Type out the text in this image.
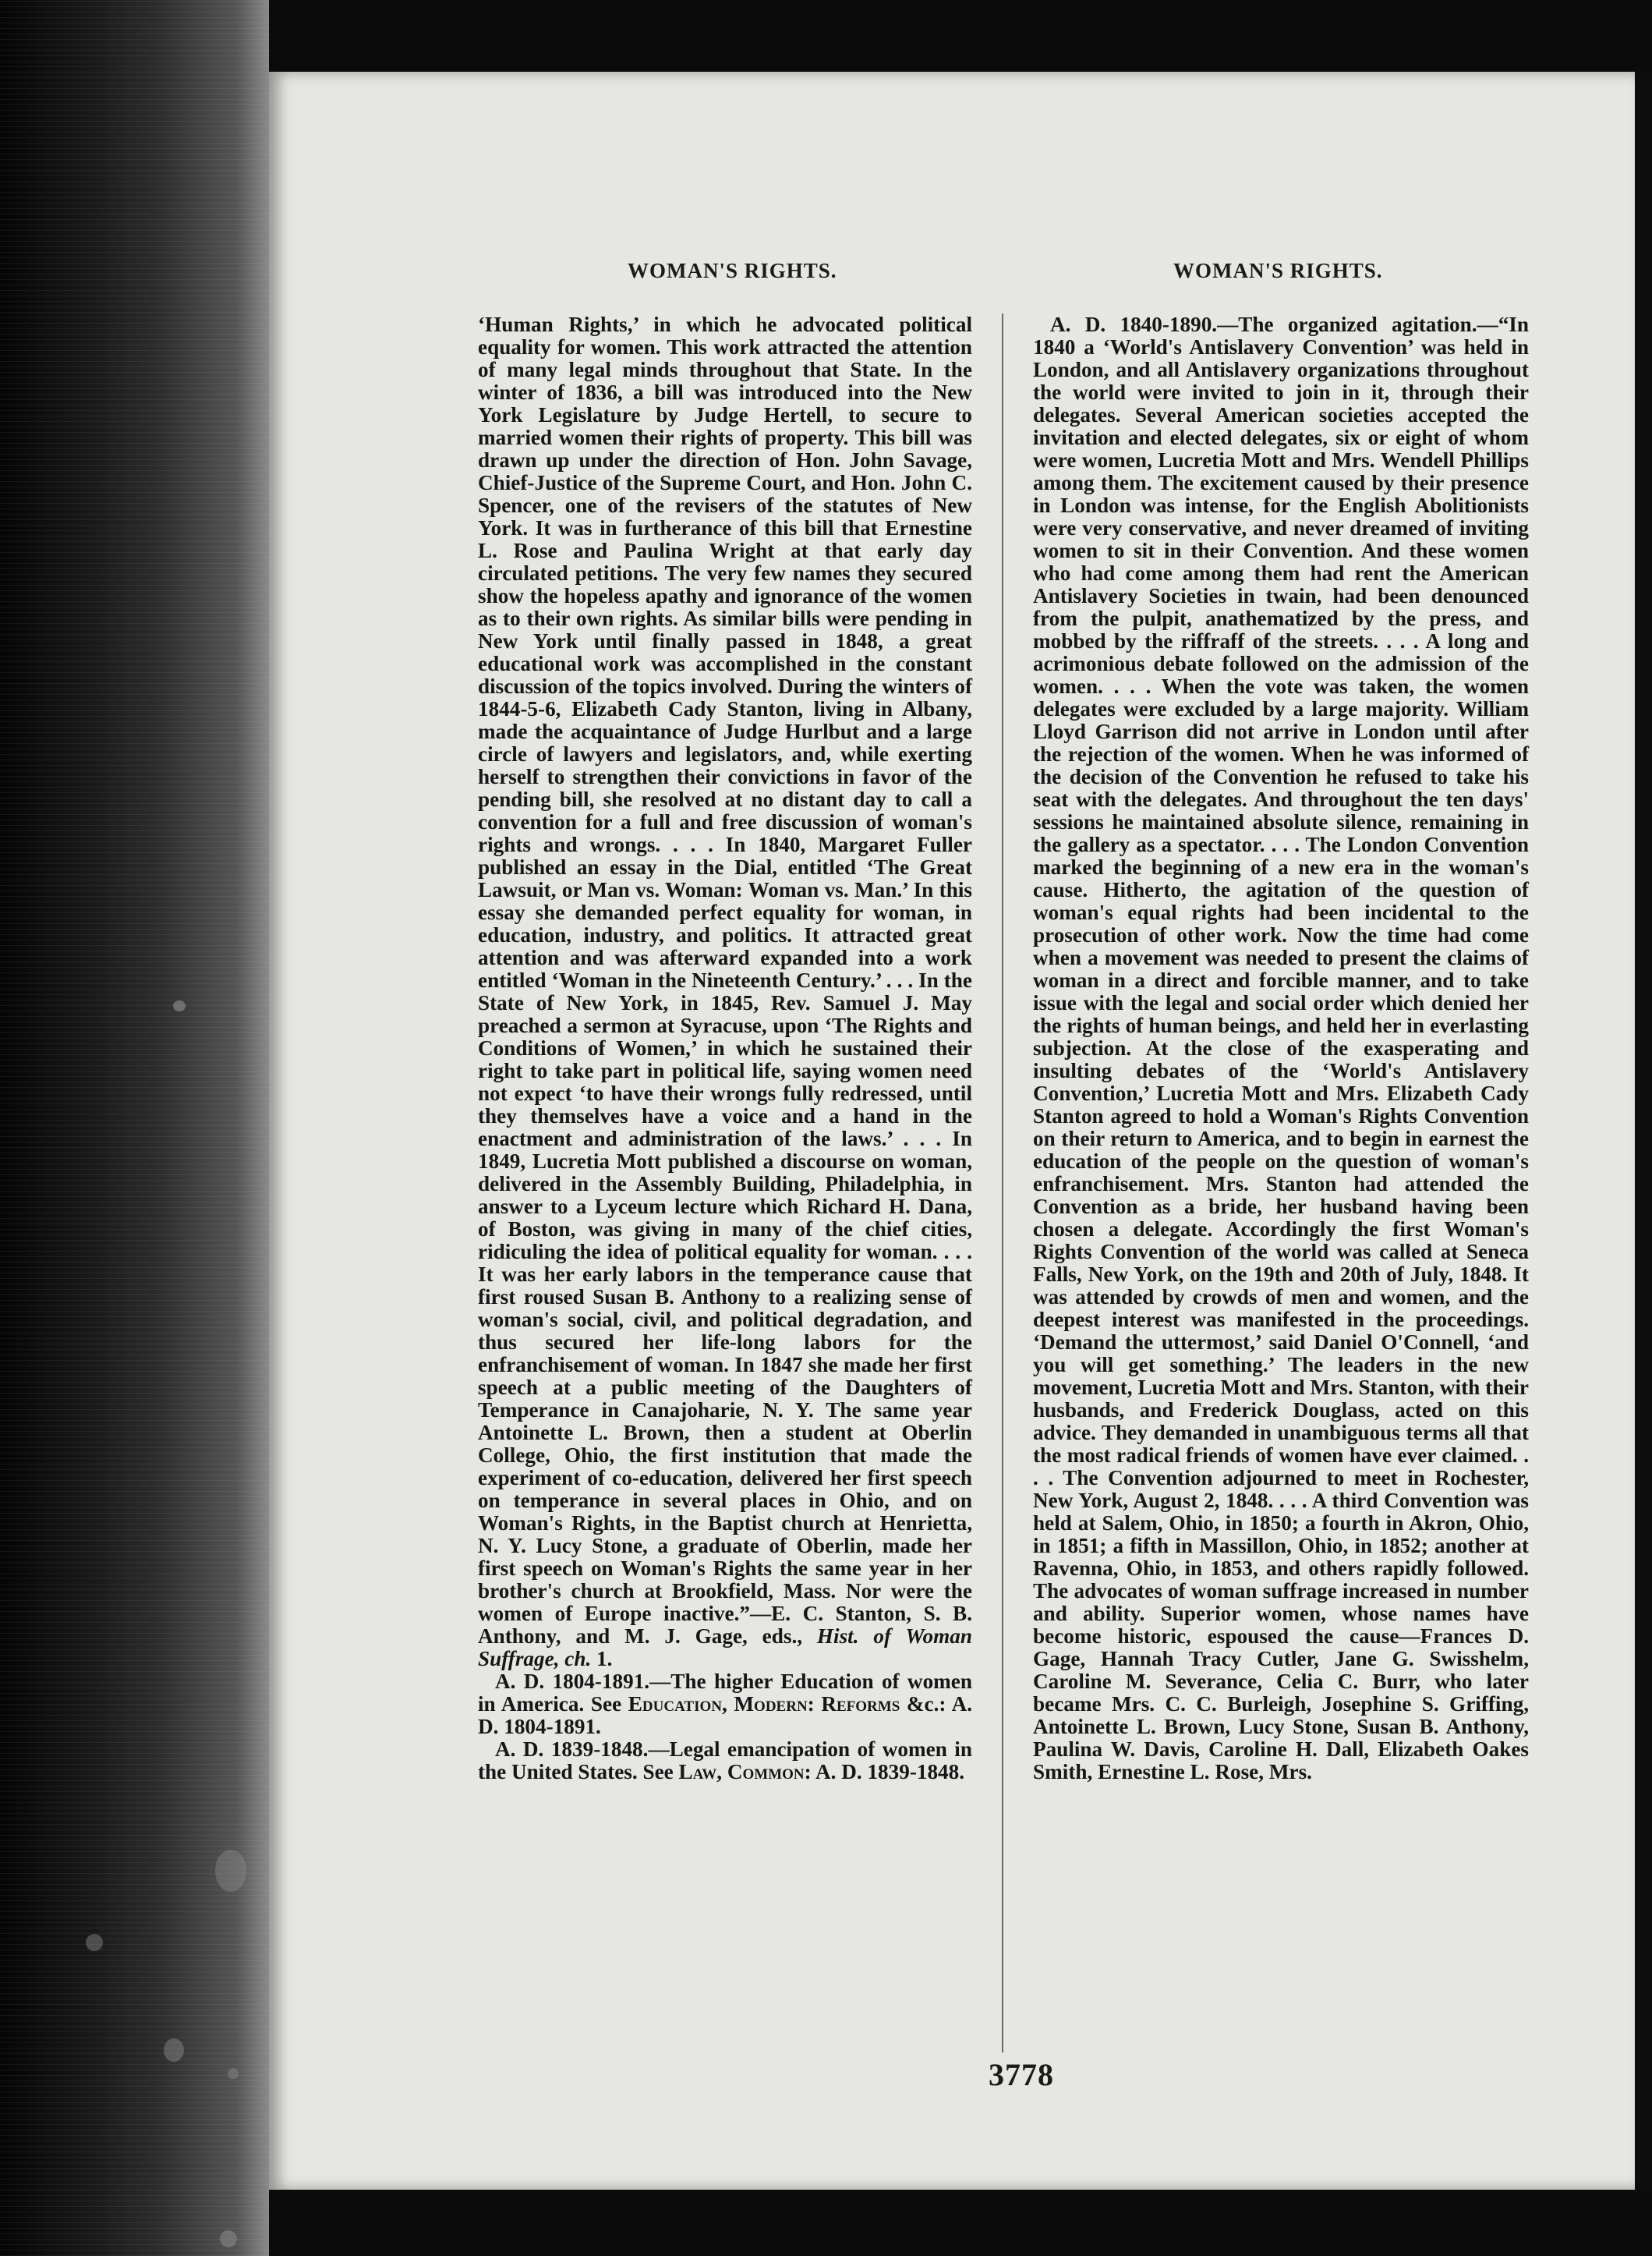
WOMAN'S RIGHTS.	WOMAN'S RIGHTS.

‘Human Rights,’ in which he advocated political equality for women. This work attracted the attention of many legal minds throughout that State. In the winter of 1836, a bill was introduced into the New York Legislature by Judge Hertell, to secure to married women their rights of property. This bill was drawn up under the direction of Hon. John Savage, Chief-Justice of the Supreme Court, and Hon. John C. Spencer, one of the revisers of the statutes of New York. It was in furtherance of this bill that Ernestine L. Rose and Paulina Wright at that early day circulated petitions. The very few names they secured show the hopeless apathy and ignorance of the women as to their own rights. As similar bills were pending in New York until finally passed in 1848, a great educational work was accomplished in the constant discussion of the topics involved. During the winters of 1844-5-6, Elizabeth Cady Stanton, living in Albany, made the acquaintance of Judge Hurlbut and a large circle of lawyers and legislators, and, while exerting herself to strengthen their convictions in favor of the pending bill, she resolved at no distant day to call a convention for a full and free discussion of woman's rights and wrongs. . . . In 1840, Margaret Fuller published an essay in the Dial, entitled ‘The Great Lawsuit, or Man vs. Woman: Woman vs. Man.’ In this essay she demanded perfect equality for woman, in education, industry, and politics. It attracted great attention and was afterward expanded into a work entitled ‘Woman in the Nineteenth Century.’ . . . In the State of New York, in 1845, Rev. Samuel J. May preached a sermon at Syracuse, upon ‘The Rights and Conditions of Women,’ in which he sustained their right to take part in political life, saying women need not expect ‘to have their wrongs fully redressed, until they themselves have a voice and a hand in the enactment and administration of the laws.’ . . . In 1849, Lucretia Mott published a discourse on woman, delivered in the Assembly Building, Philadelphia, in answer to a Lyceum lecture which Richard H. Dana, of Boston, was giving in many of the chief cities, ridiculing the idea of political equality for woman. . . . It was her early labors in the temperance cause that first roused Susan B. Anthony to a realizing sense of woman's social, civil, and political degradation, and thus secured her life-long labors for the enfranchisement of woman. In 1847 she made her first speech at a public meeting of the Daughters of Temperance in Canajoharie, N. Y. The same year Antoinette L. Brown, then a student at Oberlin College, Ohio, the first institution that made the experiment of co-education, delivered her first speech on temperance in several places in Ohio, and on Woman's Rights, in the Baptist church at Henrietta, N. Y. Lucy Stone, a graduate of Oberlin, made her first speech on Woman's Rights the same year in her brother's church at Brookfield, Mass. Nor were the women of Europe inactive.”—E. C. Stanton, S. B. Anthony, and M. J. Gage, eds., Hist. of Woman Suffrage, ch. 1.

A. D. 1804-1891.—The higher Education of women in America. See Education, Modern: Reforms &c.: A. D. 1804-1891.

A. D. 1839-1848.—Legal emancipation of women in the United States. See Law, Common: A. D. 1839-1848.

A. D. 1840-1890.—The organized agitation.—“In 1840 a ‘World's Antislavery Convention’ was held in London, and all Antislavery organizations throughout the world were invited to join in it, through their delegates. Several American societies accepted the invitation and elected delegates, six or eight of whom were women, Lucretia Mott and Mrs. Wendell Phillips among them. The excitement caused by their presence in London was intense, for the English Abolitionists were very conservative, and never dreamed of inviting women to sit in their Convention. And these women who had come among them had rent the American Antislavery Societies in twain, had been denounced from the pulpit, anathematized by the press, and mobbed by the riffraff of the streets. . . . A long and acrimonious debate followed on the admission of the women. . . . When the vote was taken, the women delegates were excluded by a large majority. William Lloyd Garrison did not arrive in London until after the rejection of the women. When he was informed of the decision of the Convention he refused to take his seat with the delegates. And throughout the ten days' sessions he maintained absolute silence, remaining in the gallery as a spectator. . . . The London Convention marked the beginning of a new era in the woman's cause. Hitherto, the agitation of the question of woman's equal rights had been incidental to the prosecution of other work. Now the time had come when a movement was needed to present the claims of woman in a direct and forcible manner, and to take issue with the legal and social order which denied her the rights of human beings, and held her in everlasting subjection. At the close of the exasperating and insulting debates of the ‘World's Antislavery Convention,’ Lucretia Mott and Mrs. Elizabeth Cady Stanton agreed to hold a Woman's Rights Convention on their return to America, and to begin in earnest the education of the people on the question of woman's enfranchisement. Mrs. Stanton had attended the Convention as a bride, her husband having been chosen a delegate. Accordingly the first Woman's Rights Convention of the world was called at Seneca Falls, New York, on the 19th and 20th of July, 1848. It was attended by crowds of men and women, and the deepest interest was manifested in the proceedings. ‘Demand the uttermost,’ said Daniel O'Connell, ‘and you will get something.’ The leaders in the new movement, Lucretia Mott and Mrs. Stanton, with their husbands, and Frederick Douglass, acted on this advice. They demanded in unambiguous terms all that the most radical friends of women have ever claimed. . . . The Convention adjourned to meet in Rochester, New York, August 2, 1848. . . . A third Convention was held at Salem, Ohio, in 1850; a fourth in Akron, Ohio, in 1851; a fifth in Massillon, Ohio, in 1852; another at Ravenna, Ohio, in 1853, and others rapidly followed. The advocates of woman suffrage increased in number and ability. Superior women, whose names have become historic, espoused the cause—Frances D. Gage, Hannah Tracy Cutler, Jane G. Swisshelm, Caroline M. Severance, Celia C. Burr, who later became Mrs. C. C. Burleigh, Josephine S. Griffing, Antoinette L. Brown, Lucy Stone, Susan B. Anthony, Paulina W. Davis, Caroline H. Dall, Elizabeth Oakes Smith, Ernestine L. Rose, Mrs.

3778
